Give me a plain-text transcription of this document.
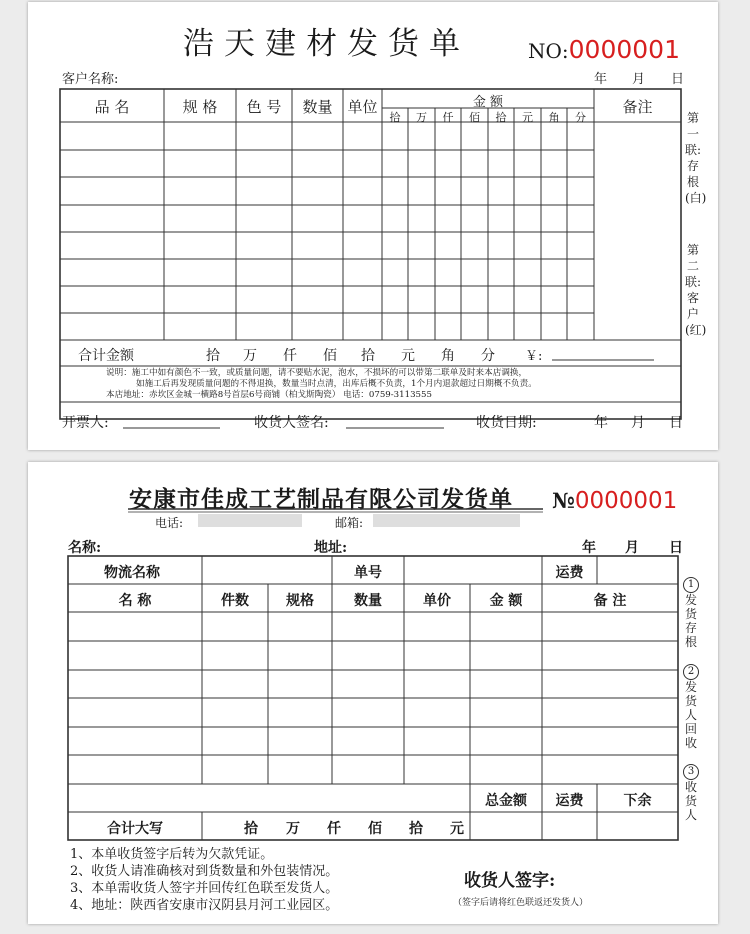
浩天建材发货单	NO:0000001
客户名称:	年 月 日
品 名	规 格	色 号	数量 单位	金 额	备注
拾	万	仟	佰	拾	元	角	分
合计金额	拾 万 仟 佰 拾 元 角 分 ￥:
说明：施工中如有颜色不一致，或质量问题，请不要贴水泥，泡水，不损坏的可以带第二联单及时来本店调换，
如施工后再发现质量问题的不得退换，数量当时点清，出库后概不负责，1个月内退款超过日期概不负责。
本店地址：赤坎区金城一横路8号首层6号商铺（柏戈斯陶瓷） 电话：0759-3113555
开票人:	收货人签名:	收货日期:	年 月 日
第一联:存根(白)
第二联:客户(红)
安康市佳成工艺制品有限公司发货单 №0000001
电话:	邮箱:
名称:	地址:	年 月 日
物流名称	单号	运费
名 称	件数	规格	数量	单价	金 额	备 注
总金额	运费	下余
合计大写	拾 万 仟 佰 拾 元
1、本单收货签字后转为欠款凭证。
2、收货人请准确核对到货数量和外包装情况。
3、本单需收货人签字并回传红色联至发货人。
4、地址：陕西省安康市汉阴县月河工业园区。
收货人签字:
（签字后请将红色联返还发货人）
1
发货存根
2
发货人回收
3
收货人
